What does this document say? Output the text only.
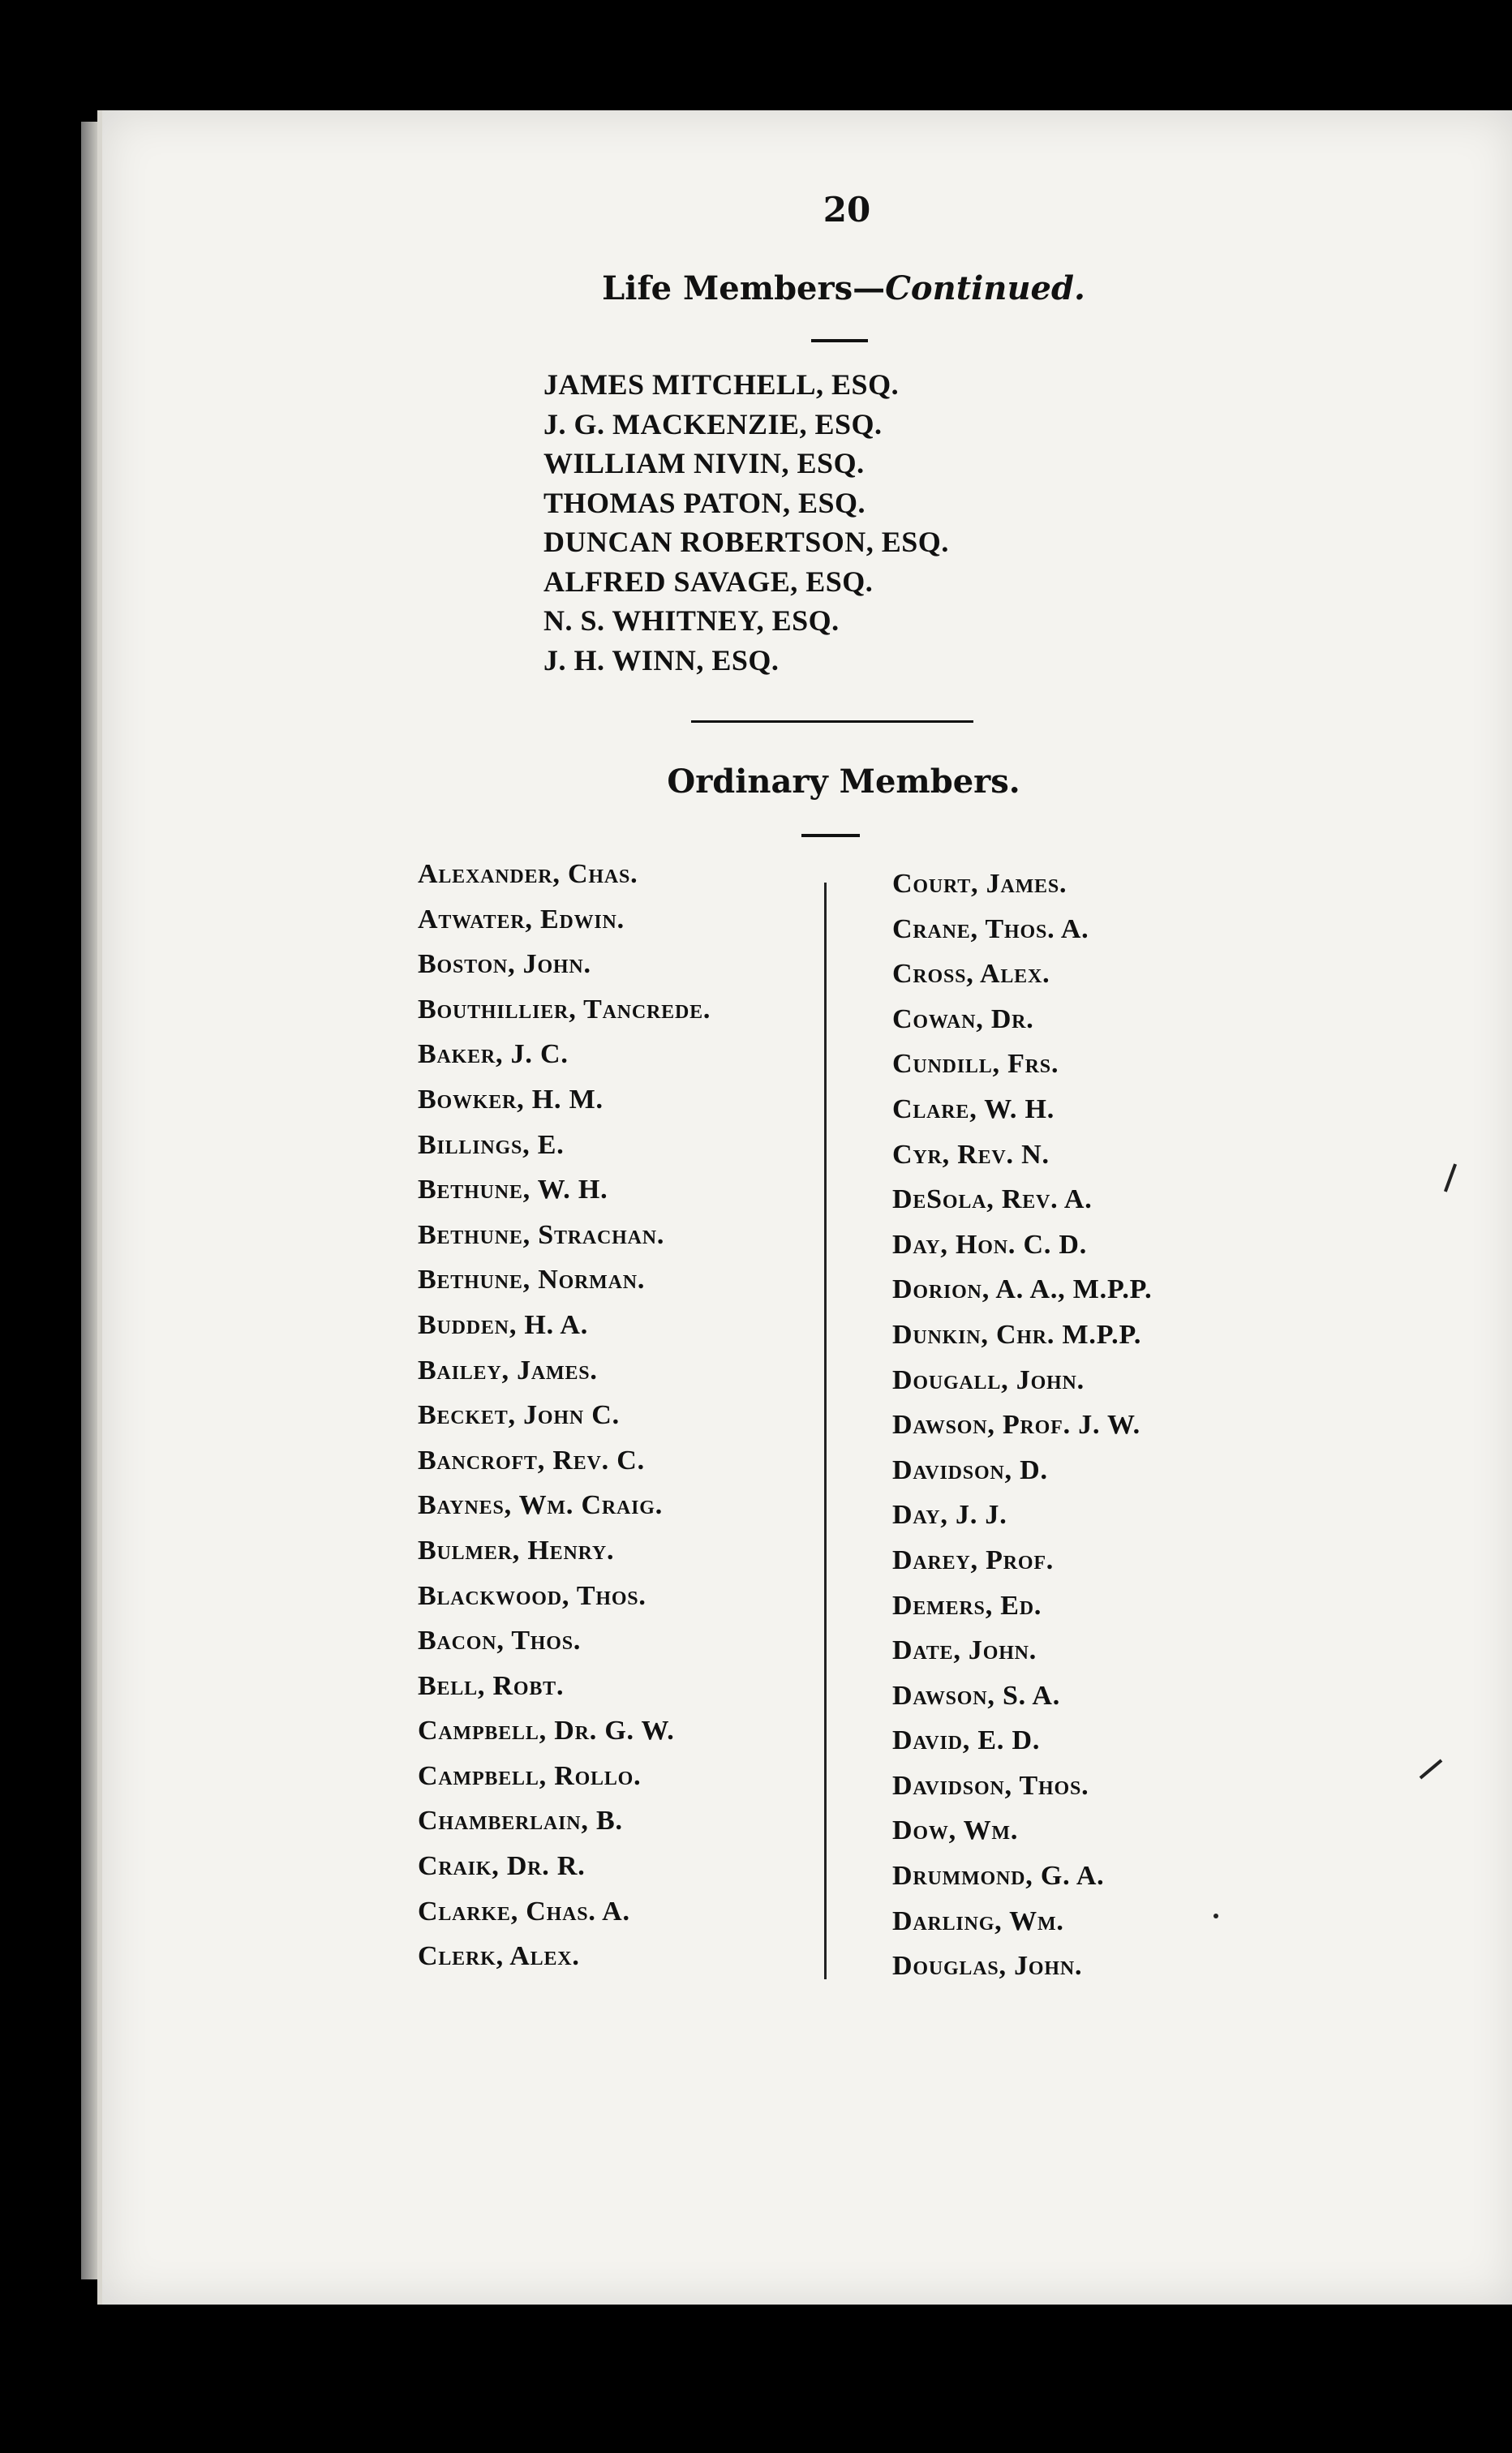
20
Life Members—Continued.
JAMES MITCHELL, ESQ.
J. G. MACKENZIE, ESQ.
WILLIAM NIVIN, ESQ.
THOMAS PATON, ESQ.
DUNCAN ROBERTSON, ESQ.
ALFRED SAVAGE, ESQ.
N. S. WHITNEY, ESQ.
J. H. WINN, ESQ.
Ordinary Members.
Alexander, Chas.
Atwater, Edwin.
Boston, John.
Bouthillier, Tancrede.
Baker, J. C.
Bowker, H. M.
Billings, E.
Bethune, W. H.
Bethune, Strachan.
Bethune, Norman.
Budden, H. A.
Bailey, James.
Becket, John C.
Bancroft, Rev. C.
Baynes, Wm. Craig.
Bulmer, Henry.
Blackwood, Thos.
Bacon, Thos.
Bell, Robt.
Campbell, Dr. G. W.
Campbell, Rollo.
Chamberlain, B.
Craik, Dr. R.
Clarke, Chas. A.
Clerk, Alex.
Court, James.
Crane, Thos. A.
Cross, Alex.
Cowan, Dr.
Cundill, Frs.
Clare, W. H.
Cyr, Rev. N.
DeSola, Rev. A.
Day, Hon. C. D.
Dorion, A. A., M.P.P.
Dunkin, Chr. M.P.P.
Dougall, John.
Dawson, Prof. J. W.
Davidson, D.
Day, J. J.
Darey, Prof.
Demers, Ed.
Date, John.
Dawson, S. A.
David, E. D.
Davidson, Thos.
Dow, Wm.
Drummond, G. A.
Darling, Wm.
Douglas, John.
